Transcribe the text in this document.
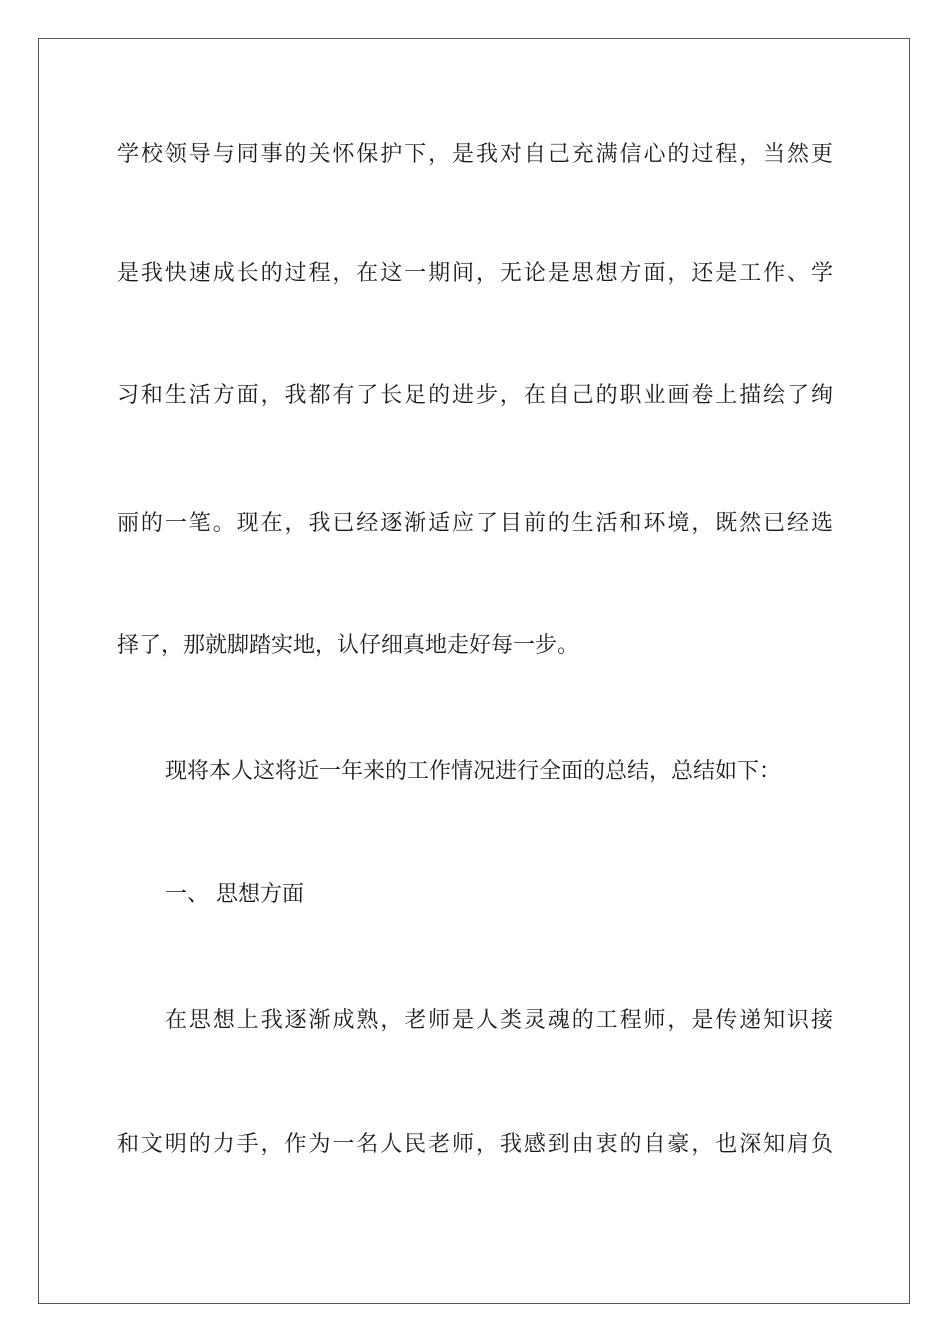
学校领导与同事的关怀保护下，是我对自己充满信心的过程，当然更
是我快速成长的过程，在这一期间，无论是思想方面，还是工作、学
习和生活方面，我都有了长足的进步，在自己的职业画卷上描绘了绚
丽的一笔。现在，我已经逐渐适应了目前的生活和环境，既然已经选
择了，那就脚踏实地，认仔细真地走好每一步。
现将本人这将近一年来的工作情况进行全面的总结，总结如下：
一、 思想方面
在思想上我逐渐成熟，老师是人类灵魂的工程师，是传递知识接
和文明的力手，作为一名人民老师，我感到由衷的自豪，也深知肩负
